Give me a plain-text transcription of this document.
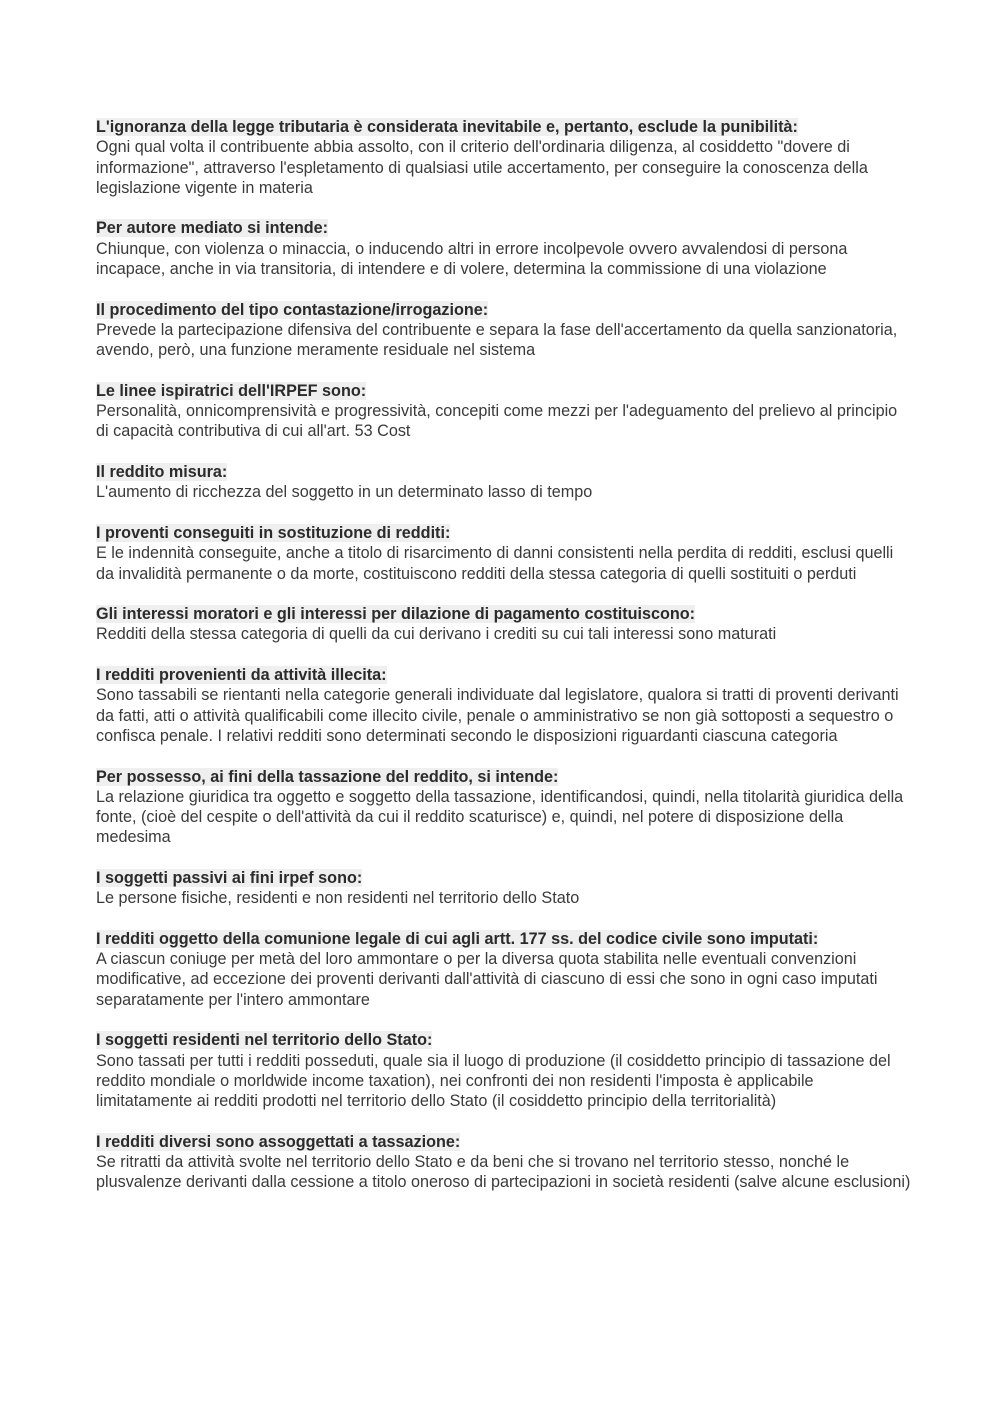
L'ignoranza della legge tributaria è considerata inevitabile e, pertanto, esclude la punibilità:
Ogni qual volta il contribuente abbia assolto, con il criterio dell'ordinaria diligenza, al cosiddetto "dovere di informazione", attraverso l'espletamento di qualsiasi utile accertamento, per conseguire la conoscenza della legislazione vigente in materia
Per autore mediato si intende:
Chiunque, con violenza o minaccia, o inducendo altri in errore incolpevole ovvero avvalendosi di persona incapace, anche in via transitoria, di intendere e di volere, determina la commissione di una violazione
Il procedimento del tipo contastazione/irrogazione:
Prevede la partecipazione difensiva del contribuente e separa la fase dell'accertamento da quella sanzionatoria, avendo, però, una funzione meramente residuale nel sistema
Le linee ispiratrici dell'IRPEF sono:
Personalità, onnicomprensività e progressività, concepiti come mezzi per l'adeguamento del prelievo al principio di capacità contributiva di cui all'art. 53 Cost
Il reddito misura:
L'aumento di ricchezza del soggetto in un determinato lasso di tempo
I proventi conseguiti in sostituzione di redditi:
E le indennità conseguite, anche a titolo di risarcimento di danni consistenti nella perdita di redditi, esclusi quelli da invalidità permanente o da morte, costituiscono redditi della stessa categoria di quelli sostituiti o perduti
Gli interessi moratori e gli interessi per dilazione di pagamento costituiscono:
Redditi della stessa categoria di quelli da cui derivano i crediti su cui tali interessi sono maturati
I redditi provenienti da attività illecita:
Sono tassabili se rientanti nella categorie generali individuate dal legislatore, qualora si tratti di proventi derivanti da fatti, atti o attività qualificabili come illecito civile, penale o amministrativo se non già sottoposti a sequestro o confisca penale. I relativi redditi sono determinati secondo le disposizioni riguardanti ciascuna categoria
Per possesso, ai fini della tassazione del reddito, si intende:
La relazione giuridica tra oggetto e soggetto della tassazione, identificandosi, quindi, nella titolarità giuridica della fonte, (cioè del cespite o dell'attività da cui il reddito scaturisce) e, quindi, nel potere di disposizione della medesima
I soggetti passivi ai fini irpef sono:
Le persone fisiche, residenti e non residenti nel territorio dello Stato
I redditi oggetto della comunione legale di cui agli artt. 177 ss. del codice civile sono imputati:
A ciascun coniuge per metà del loro ammontare o per la diversa quota stabilita nelle eventuali convenzioni modificative, ad eccezione dei proventi derivanti dall'attività di ciascuno di essi che sono in ogni caso imputati separatamente per l'intero ammontare
I soggetti residenti nel territorio dello Stato:
Sono tassati per tutti i redditi posseduti, quale sia il luogo di produzione (il cosiddetto principio di tassazione del reddito mondiale o morldwide income taxation), nei confronti dei non residenti l'imposta è applicabile limitatamente ai redditi prodotti nel territorio dello Stato (il cosiddetto principio della territorialità)
I redditi diversi sono assoggettati a tassazione:
Se ritratti da attività svolte nel territorio dello Stato e da beni che si trovano nel territorio stesso, nonché le plusvalenze derivanti dalla cessione a titolo oneroso di partecipazioni in società residenti (salve alcune esclusioni)
